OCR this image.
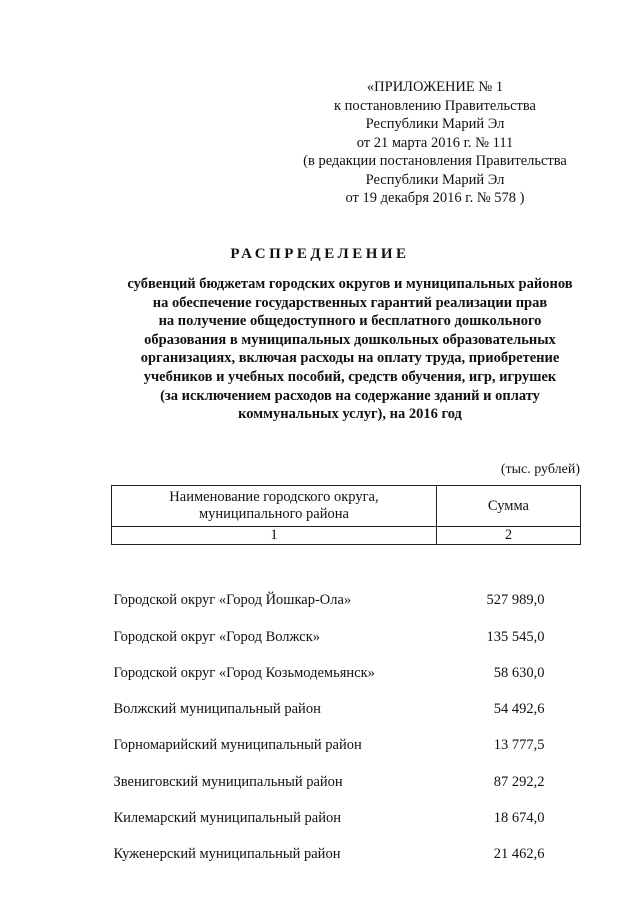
«ПРИЛОЖЕНИЕ № 1
к постановлению Правительства
Республики Марий Эл
от 21 марта 2016 г. № 111
(в редакции постановления Правительства
Республики Марий Эл
от 19 декабря 2016 г. № 578 )
РАСПРЕДЕЛЕНИЕ
субвенций бюджетам городских округов и муниципальных районов
на обеспечение государственных гарантий реализации прав
на получение общедоступного и бесплатного дошкольного
образования в муниципальных дошкольных образовательных
организациях, включая расходы на оплату труда, приобретение
учебников и учебных пособий, средств обучения, игр, игрушек
(за исключением расходов на содержание зданий и оплату
коммунальных услуг), на 2016 год
(тыс. рублей)
Наименование городского округа,
муниципального района	Сумма
1	2

Городской округ «Город Йошкар-Ола»	527 989,0
Городской округ «Город Волжск»	135 545,0
Городской округ «Город Козьмодемьянск»	58 630,0
Волжский муниципальный район	54 492,6
Горномарийский муниципальный район	13 777,5
Звениговский муниципальный район	87 292,2
Килемарский муниципальный район	18 674,0
Куженерский муниципальный район	21 462,6
